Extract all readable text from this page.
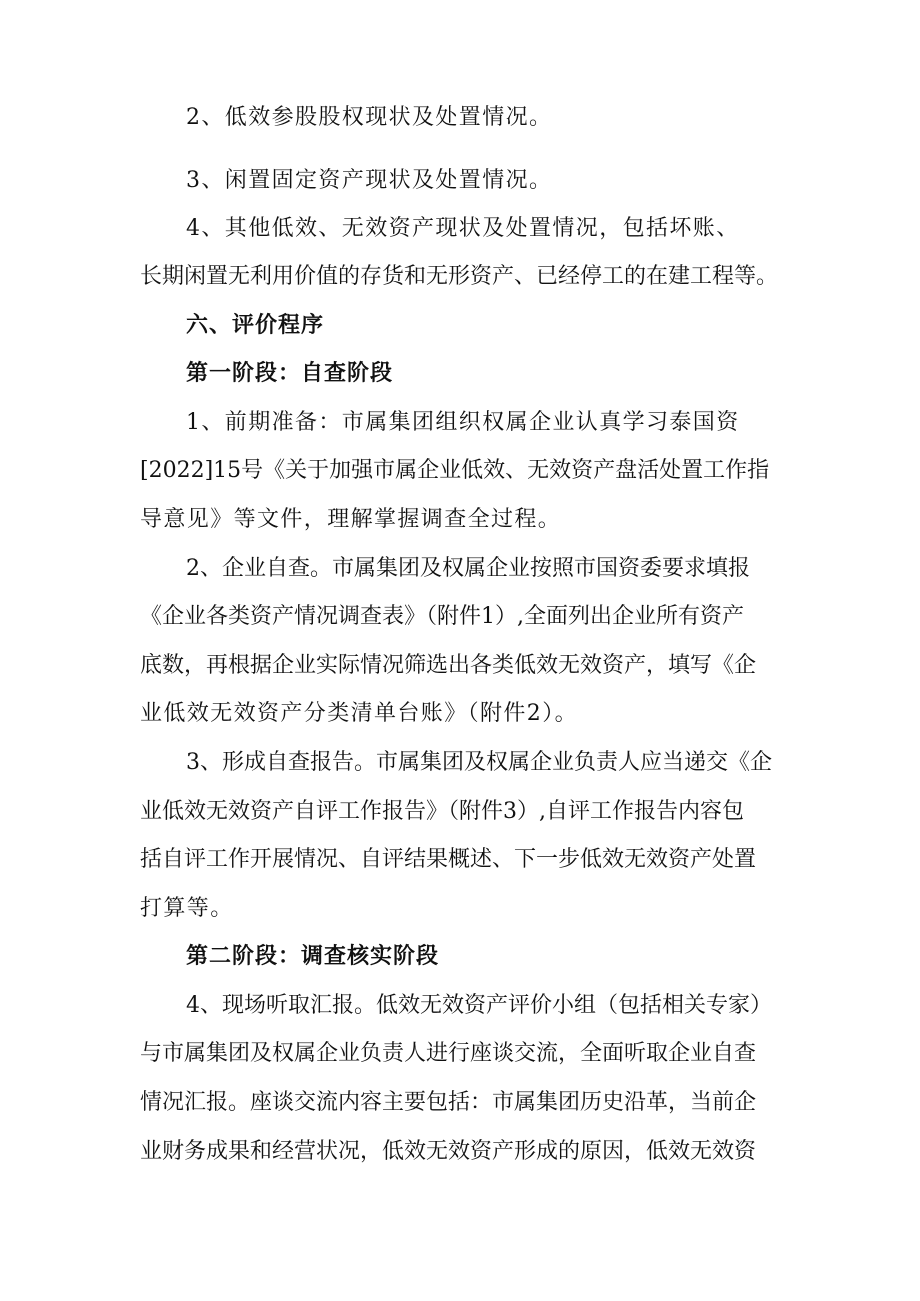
2、低效参股股权现状及处置情况。
3、闲置固定资产现状及处置情况。
4、其他低效、无效资产现状及处置情况，包括坏账、
长期闲置无利用价值的存货和无形资产、已经停工的在建工程等。
六、评价程序
第一阶段：自查阶段
1、前期准备：市属集团组织权属企业认真学习泰国资
[2022]15号《关于加强市属企业低效、无效资产盘活处置工作指
导意见》等文件，理解掌握调查全过程。
2、企业自查。市属集团及权属企业按照市国资委要求填报
《企业各类资产情况调查表》（附件1）,全面列出企业所有资产
底数，再根据企业实际情况筛选出各类低效无效资产，填写《企
业低效无效资产分类清单台账》（附件2）。
3、形成自查报告。市属集团及权属企业负责人应当递交《企
业低效无效资产自评工作报告》（附件3）,自评工作报告内容包
括自评工作开展情况、自评结果概述、下一步低效无效资产处置
打算等。
第二阶段：调查核实阶段
4、现场听取汇报。低效无效资产评价小组（包括相关专家）
与市属集团及权属企业负责人进行座谈交流，全面听取企业自查
情况汇报。座谈交流内容主要包括：市属集团历史沿革，当前企
业财务成果和经营状况，低效无效资产形成的原因，低效无效资
